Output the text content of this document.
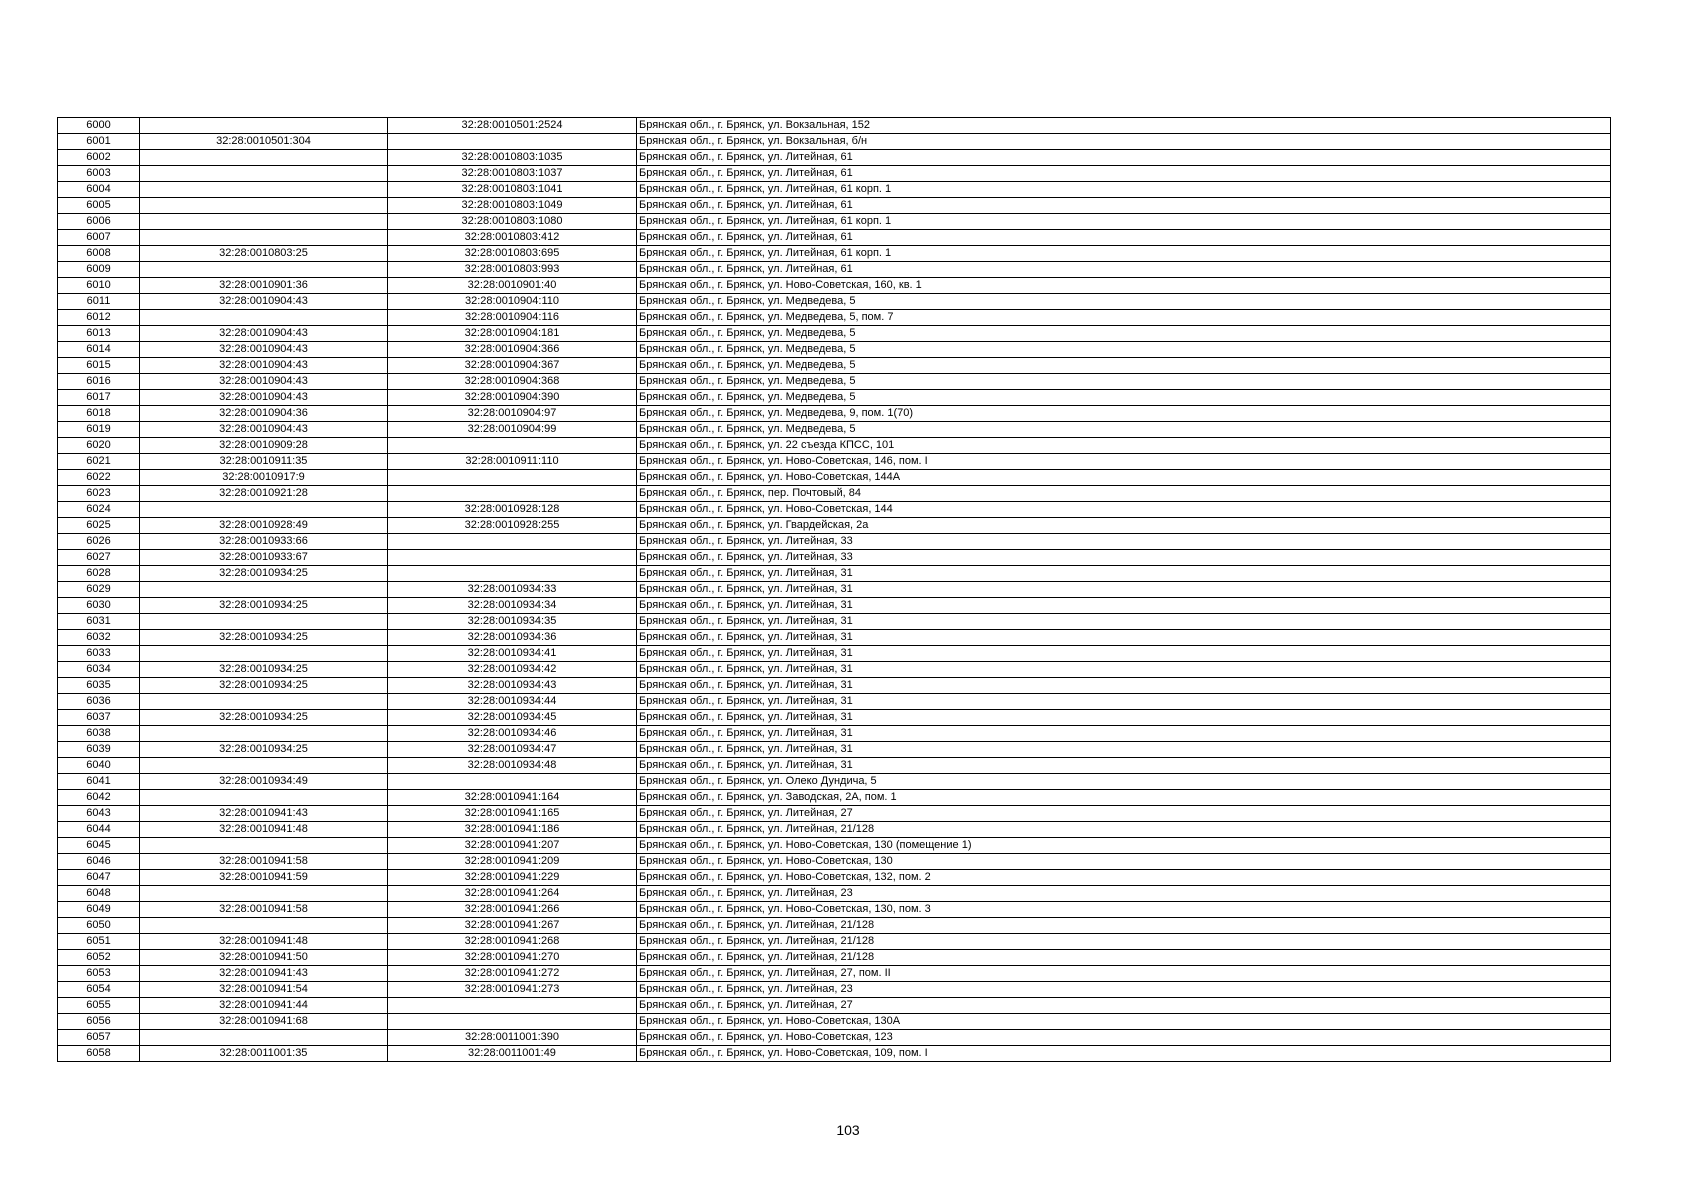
6000		32:28:0010501:2524	Брянская обл., г. Брянск, ул. Вокзальная, 152
6001	32:28:0010501:304		Брянская обл., г. Брянск, ул. Вокзальная, б/н
6002		32:28:0010803:1035	Брянская обл., г. Брянск, ул. Литейная, 61
6003		32:28:0010803:1037	Брянская обл., г. Брянск, ул. Литейная, 61
6004		32:28:0010803:1041	Брянская обл., г. Брянск, ул. Литейная, 61 корп. 1
6005		32:28:0010803:1049	Брянская обл., г. Брянск, ул. Литейная, 61
6006		32:28:0010803:1080	Брянская обл., г. Брянск, ул. Литейная, 61 корп. 1
6007		32:28:0010803:412	Брянская обл., г. Брянск, ул. Литейная, 61
6008	32:28:0010803:25	32:28:0010803:695	Брянская обл., г. Брянск, ул. Литейная, 61 корп. 1
6009		32:28:0010803:993	Брянская обл., г. Брянск, ул. Литейная, 61
6010	32:28:0010901:36	32:28:0010901:40	Брянская обл., г. Брянск, ул. Ново-Советская, 160, кв. 1
6011	32:28:0010904:43	32:28:0010904:110	Брянская обл., г. Брянск, ул. Медведева, 5
6012		32:28:0010904:116	Брянская обл., г. Брянск, ул. Медведева, 5, пом. 7
6013	32:28:0010904:43	32:28:0010904:181	Брянская обл., г. Брянск, ул. Медведева, 5
6014	32:28:0010904:43	32:28:0010904:366	Брянская обл., г. Брянск, ул. Медведева, 5
6015	32:28:0010904:43	32:28:0010904:367	Брянская обл., г. Брянск, ул. Медведева, 5
6016	32:28:0010904:43	32:28:0010904:368	Брянская обл., г. Брянск, ул. Медведева, 5
6017	32:28:0010904:43	32:28:0010904:390	Брянская обл., г. Брянск, ул. Медведева, 5
6018	32:28:0010904:36	32:28:0010904:97	Брянская обл., г. Брянск, ул. Медведева, 9, пом. 1(70)
6019	32:28:0010904:43	32:28:0010904:99	Брянская обл., г. Брянск, ул. Медведева, 5
6020	32:28:0010909:28		Брянская обл., г. Брянск, ул. 22 съезда КПСС, 101
6021	32:28:0010911:35	32:28:0010911:110	Брянская обл., г. Брянск, ул. Ново-Советская, 146, пом. I
6022	32:28:0010917:9		Брянская обл., г. Брянск, ул. Ново-Советская, 144А
6023	32:28:0010921:28		Брянская обл., г. Брянск, пер. Почтовый, 84
6024		32:28:0010928:128	Брянская обл., г. Брянск, ул. Ново-Советская, 144
6025	32:28:0010928:49	32:28:0010928:255	Брянская обл., г. Брянск, ул. Гвардейская, 2а
6026	32:28:0010933:66		Брянская обл., г. Брянск, ул. Литейная, 33
6027	32:28:0010933:67		Брянская обл., г. Брянск, ул. Литейная, 33
6028	32:28:0010934:25		Брянская обл., г. Брянск, ул. Литейная, 31
6029		32:28:0010934:33	Брянская обл., г. Брянск, ул. Литейная, 31
6030	32:28:0010934:25	32:28:0010934:34	Брянская обл., г. Брянск, ул. Литейная, 31
6031		32:28:0010934:35	Брянская обл., г. Брянск, ул. Литейная, 31
6032	32:28:0010934:25	32:28:0010934:36	Брянская обл., г. Брянск, ул. Литейная, 31
6033		32:28:0010934:41	Брянская обл., г. Брянск, ул. Литейная, 31
6034	32:28:0010934:25	32:28:0010934:42	Брянская обл., г. Брянск, ул. Литейная, 31
6035	32:28:0010934:25	32:28:0010934:43	Брянская обл., г. Брянск, ул. Литейная, 31
6036		32:28:0010934:44	Брянская обл., г. Брянск, ул. Литейная, 31
6037	32:28:0010934:25	32:28:0010934:45	Брянская обл., г. Брянск, ул. Литейная, 31
6038		32:28:0010934:46	Брянская обл., г. Брянск, ул. Литейная, 31
6039	32:28:0010934:25	32:28:0010934:47	Брянская обл., г. Брянск, ул. Литейная, 31
6040		32:28:0010934:48	Брянская обл., г. Брянск, ул. Литейная, 31
6041	32:28:0010934:49		Брянская обл., г. Брянск, ул. Олеко Дундича, 5
6042		32:28:0010941:164	Брянская обл., г. Брянск, ул. Заводская, 2А, пом. 1
6043	32:28:0010941:43	32:28:0010941:165	Брянская обл., г. Брянск, ул. Литейная, 27
6044	32:28:0010941:48	32:28:0010941:186	Брянская обл., г. Брянск, ул. Литейная, 21/128
6045		32:28:0010941:207	Брянская обл., г. Брянск, ул. Ново-Советская, 130 (помещение 1)
6046	32:28:0010941:58	32:28:0010941:209	Брянская обл., г. Брянск, ул. Ново-Советская, 130
6047	32:28:0010941:59	32:28:0010941:229	Брянская обл., г. Брянск, ул. Ново-Советская, 132, пом. 2
6048		32:28:0010941:264	Брянская обл., г. Брянск, ул. Литейная, 23
6049	32:28:0010941:58	32:28:0010941:266	Брянская обл., г. Брянск, ул. Ново-Советская, 130, пом. 3
6050		32:28:0010941:267	Брянская обл., г. Брянск, ул. Литейная, 21/128
6051	32:28:0010941:48	32:28:0010941:268	Брянская обл., г. Брянск, ул. Литейная, 21/128
6052	32:28:0010941:50	32:28:0010941:270	Брянская обл., г. Брянск, ул. Литейная, 21/128
6053	32:28:0010941:43	32:28:0010941:272	Брянская обл., г. Брянск, ул. Литейная, 27, пом. II
6054	32:28:0010941:54	32:28:0010941:273	Брянская обл., г. Брянск, ул. Литейная, 23
6055	32:28:0010941:44		Брянская обл., г. Брянск, ул. Литейная, 27
6056	32:28:0010941:68		Брянская обл., г. Брянск, ул. Ново-Советская, 130А
6057		32:28:0011001:390	Брянская обл., г. Брянск, ул. Ново-Советская, 123
6058	32:28:0011001:35	32:28:0011001:49	Брянская обл., г. Брянск, ул. Ново-Советская, 109, пом. I
103
